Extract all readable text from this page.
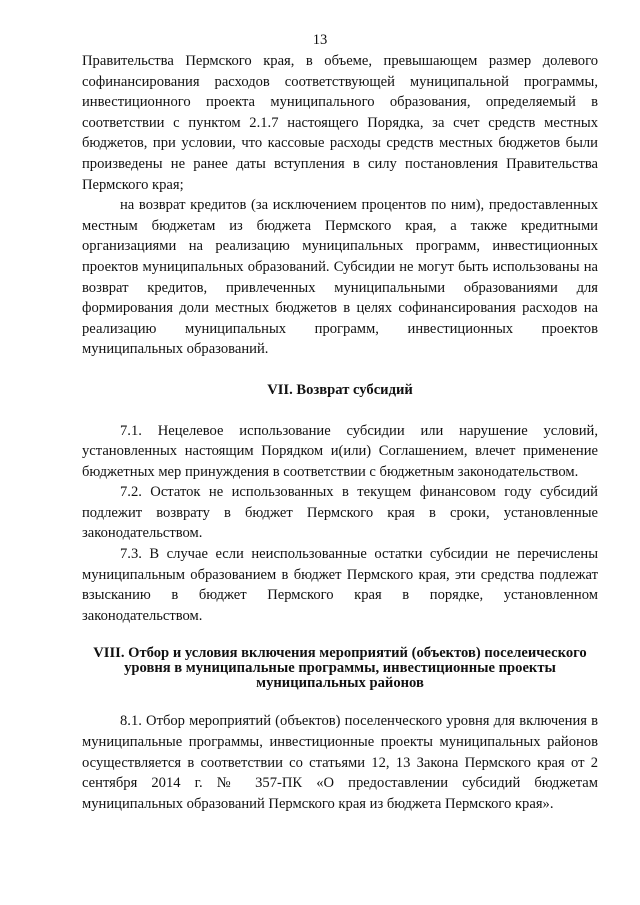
13

Правительства Пермского края, в объеме, превышающем размер долевого софинансирования расходов соответствующей муниципальной программы, инвестиционного проекта муниципального образования, определяемый в соответствии с пунктом 2.1.7 настоящего Порядка, за счет средств местных бюджетов, при условии, что кассовые расходы средств местных бюджетов были произведены не ранее даты вступления в силу постановления Правительства Пермского края;

на возврат кредитов (за исключением процентов по ним), предоставленных местным бюджетам из бюджета Пермского края, а также кредитными организациями на реализацию муниципальных программ, инвестиционных проектов муниципальных образований. Субсидии не могут быть использованы на возврат кредитов, привлеченных муниципальными образованиями для формирования доли местных бюджетов в целях софинансирования расходов на реализацию муниципальных программ, инвестиционных проектов муниципальных образований.

VII. Возврат субсидий

7.1. Нецелевое использование субсидии или нарушение условий, установленных настоящим Порядком и(или) Соглашением, влечет применение бюджетных мер принуждения в соответствии с бюджетным законодательством.

7.2. Остаток не использованных в текущем финансовом году субсидий подлежит возврату в бюджет Пермского края в сроки, установленные законодательством.

7.3. В случае если неиспользованные остатки субсидии не перечислены муниципальным образованием в бюджет Пермского края, эти средства подлежат взысканию в бюджет Пермского края в порядке, установленном законодательством.

VIII. Отбор и условия включения мероприятий (объектов) поселеического
уровня в муниципальные программы, инвестиционные проекты
муниципальных районов

8.1. Отбор мероприятий (объектов) поселенческого уровня для включения в муниципальные программы, инвестиционные проекты муниципальных районов осуществляется в соответствии со статьями 12, 13 Закона Пермского края от 2 сентября 2014 г. № 357-ПК «О предоставлении субсидий бюджетам муниципальных образований Пермского края из бюджета Пермского края».
